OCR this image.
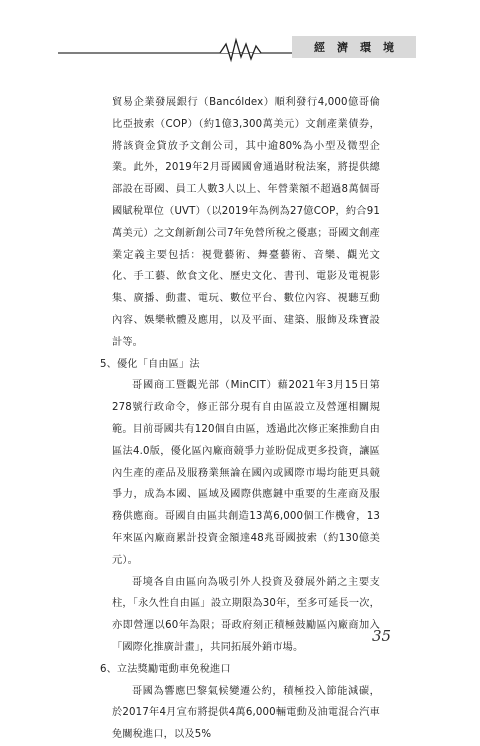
經濟環境

貿易企業發展銀行（Bancóldex）順利發行4,000億哥倫比亞披索（COP）（約1億3,300萬美元）文創產業債券，將該資金貸放予文創公司，其中逾80%為小型及微型企業。此外，2019年2月哥國國會通過財稅法案，將提供總部設在哥國、員工人數3人以上、年營業額不超過8萬個哥國賦稅單位（UVT）（以2019年為例為27億COP，約合91萬美元）之文創新創公司7年免營所稅之優惠；哥國文創產業定義主要包括：視覺藝術、舞臺藝術、音樂、觀光文化、手工藝、飲食文化、歷史文化、書刊、電影及電視影集、廣播、動畫、電玩、數位平台、數位內容、視聽互動內容、娛樂軟體及應用，以及平面、建築、服飾及珠寶設計等。

5、優化「自由區」法

哥國商工暨觀光部（MinCIT）藉2021年3月15日第278號行政命令，修正部分現有自由區設立及營運相關規範。目前哥國共有120個自由區，透過此次修正案推動自由區法4.0版，優化區內廠商競爭力並盼促成更多投資，讓區內生產的產品及服務業無論在國內或國際市場均能更具競爭力，成為本國、區域及國際供應鏈中重要的生產商及服務供應商。哥國自由區共創造13萬6,000個工作機會，13年來區內廠商累計投資金額達48兆哥國披索（約130億美元）。

哥境各自由區向為吸引外人投資及發展外銷之主要支柱，「永久性自由區」設立期限為30年，至多可延長一次，亦即營運以60年為限；哥政府刻正積極鼓勵區內廠商加入「國際化推廣計畫」，共同拓展外銷市場。

6、立法獎勵電動車免稅進口

哥國為響應巴黎氣候變遷公約，積極投入節能減碳，於2017年4月宣布將提供4萬6,000輛電動及油電混合汽車免關稅進口，以及5%

35
